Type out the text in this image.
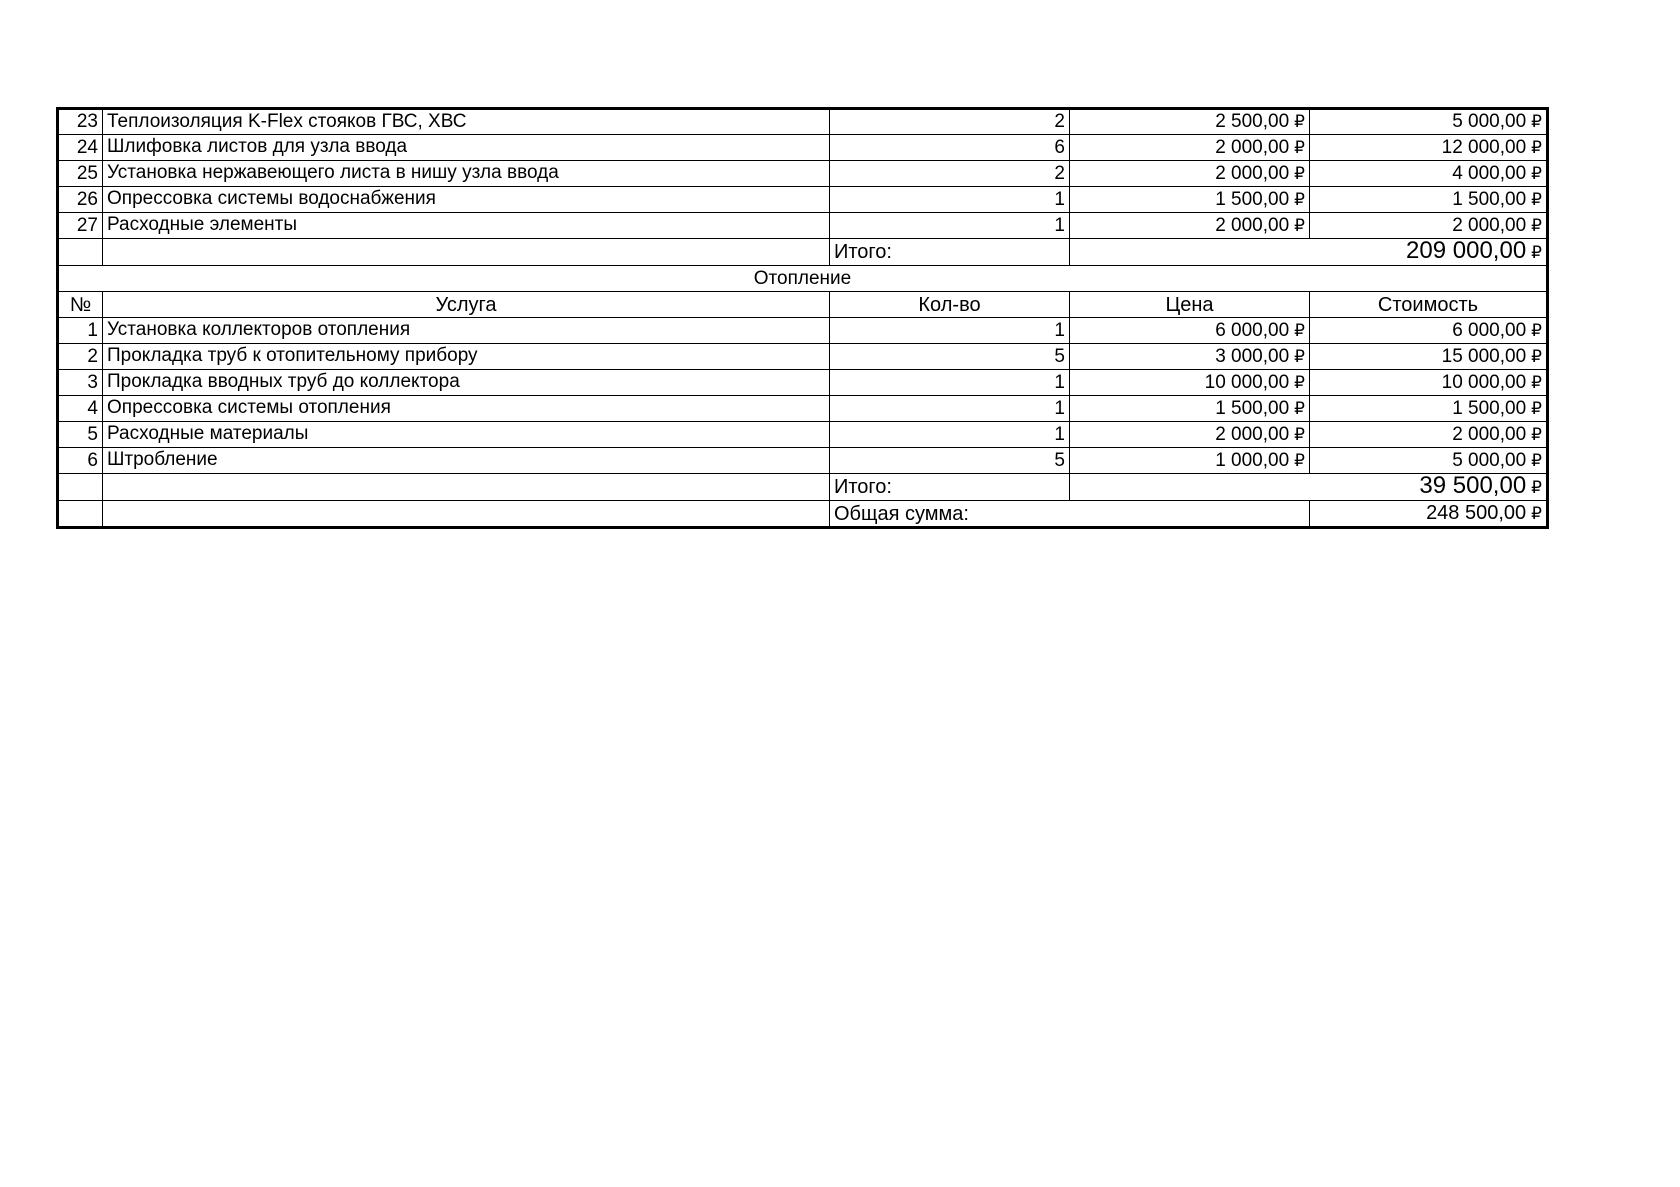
23	Теплоизоляция K-Flex стояков ГВС, ХВС	2	2 500,00 ₽	5 000,00 ₽
24	Шлифовка листов для узла ввода	6	2 000,00 ₽	12 000,00 ₽
25	Установка нержавеющего листа в нишу узла ввода	2	2 000,00 ₽	4 000,00 ₽
26	Опрессовка системы водоснабжения	1	1 500,00 ₽	1 500,00 ₽
27	Расходные элементы	1	2 000,00 ₽	2 000,00 ₽
		Итого:	209 000,00 ₽	
Отопление				
№	Услуга	Кол-во	Цена	Стоимость
1	Установка коллекторов отопления	1	6 000,00 ₽	6 000,00 ₽
2	Прокладка труб к отопительному прибору	5	3 000,00 ₽	15 000,00 ₽
3	Прокладка вводных труб до коллектора	1	10 000,00 ₽	10 000,00 ₽
4	Опрессовка системы отопления	1	1 500,00 ₽	1 500,00 ₽
5	Расходные материалы	1	2 000,00 ₽	2 000,00 ₽
6	Штробление	5	1 000,00 ₽	5 000,00 ₽
		Итого:	39 500,00 ₽	
		Общая сумма:		248 500,00 ₽
